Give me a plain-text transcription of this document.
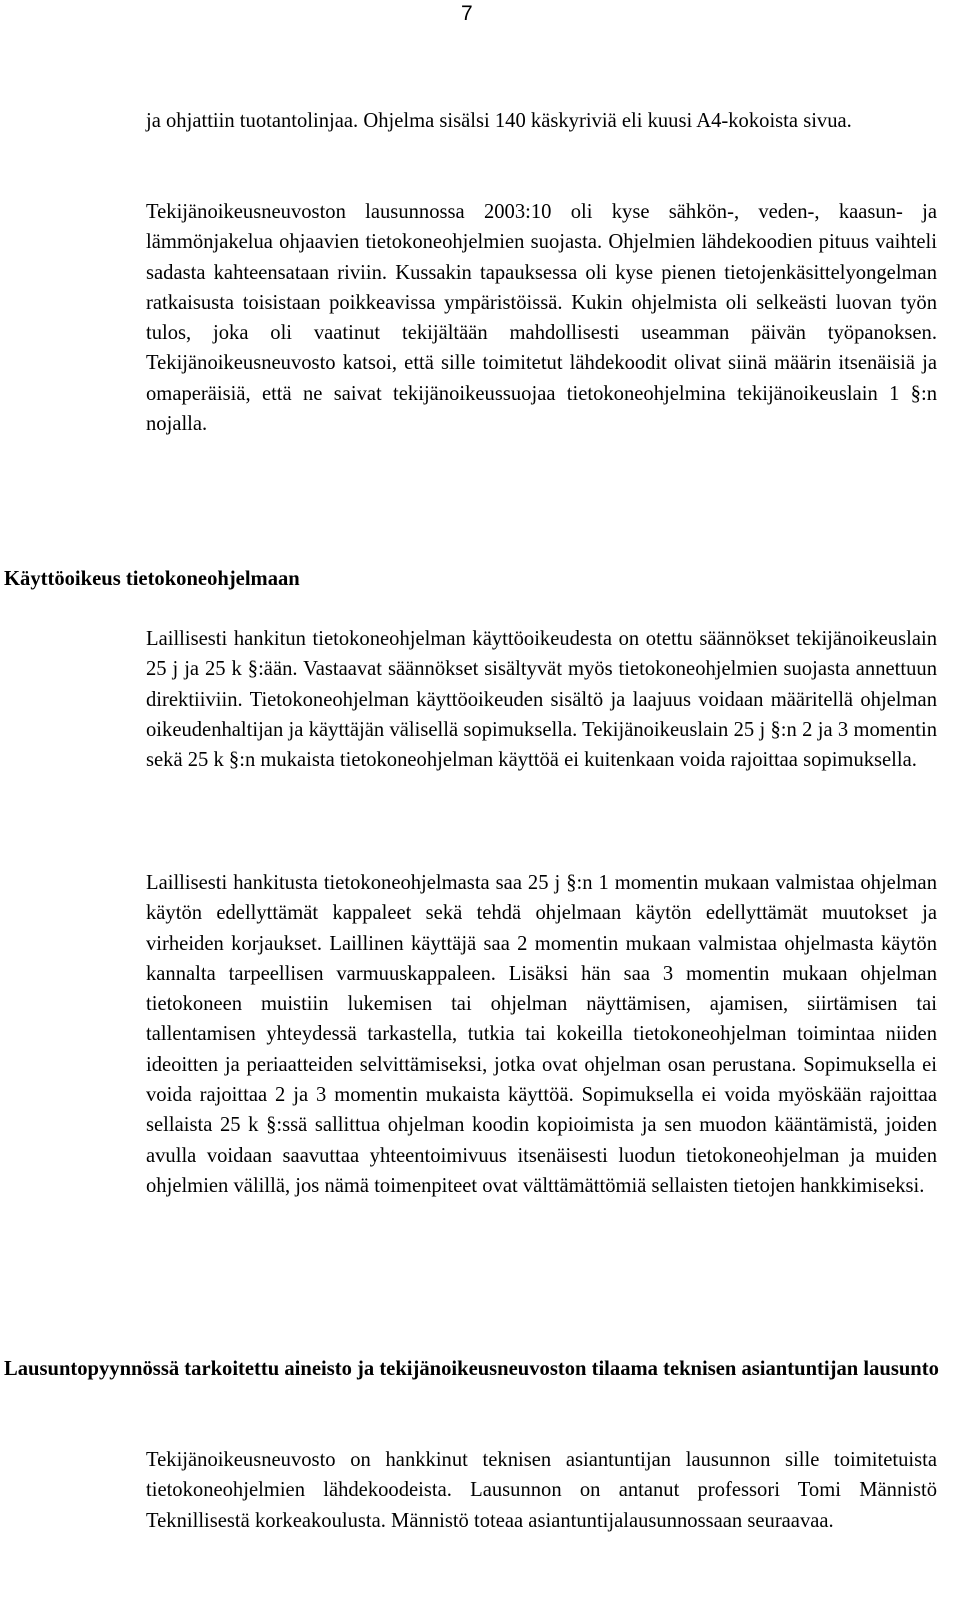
7

ja ohjattiin tuotantolinjaa. Ohjelma sisälsi 140 käskyriviä eli kuusi A4-kokoista sivua.

Tekijänoikeusneuvoston lausunnossa 2003:10 oli kyse sähkön-, veden-, kaasun- ja lämmönjakelua ohjaavien tietokoneohjelmien suojasta. Ohjelmien lähdekoodien pituus vaihteli sadasta kahteensataan riviin. Kussakin tapauksessa oli kyse pienen tietojenkäsittelyongelman ratkaisusta toisistaan poikkeavissa ympäristöissä. Kukin ohjelmista oli selkeästi luovan työn tulos, joka oli vaatinut tekijältään mahdollisesti useamman päivän työpanoksen. Tekijänoikeusneuvosto katsoi, että sille toimitetut lähdekoodit olivat siinä määrin itsenäisiä ja omaperäisiä, että ne saivat tekijänoikeussuojaa tietokoneohjelmina tekijänoikeuslain 1 §:n nojalla.

Käyttöoikeus tietokoneohjelmaan

Laillisesti hankitun tietokoneohjelman käyttöoikeudesta on otettu säännökset tekijänoikeuslain 25 j ja 25 k §:ään. Vastaavat säännökset sisältyvät myös tietokoneohjelmien suojasta annettuun direktiiviin. Tietokoneohjelman käyttöoikeuden sisältö ja laajuus voidaan määritellä ohjelman oikeudenhaltijan ja käyttäjän välisellä sopimuksella. Tekijänoikeuslain 25 j §:n 2 ja 3 momentin sekä 25 k §:n mukaista tietokoneohjelman käyttöä ei kuitenkaan voida rajoittaa sopimuksella.

Laillisesti hankitusta tietokoneohjelmasta saa 25 j §:n 1 momentin mukaan valmistaa ohjelman käytön edellyttämät kappaleet sekä tehdä ohjelmaan käytön edellyttämät muutokset ja virheiden korjaukset. Laillinen käyttäjä saa 2 momentin mukaan valmistaa ohjelmasta käytön kannalta tarpeellisen varmuuskappaleen. Lisäksi hän saa 3 momentin mukaan ohjelman tietokoneen muistiin lukemisen tai ohjelman näyttämisen, ajamisen, siirtämisen tai tallentamisen yhteydessä tarkastella, tutkia tai kokeilla tietokoneohjelman toimintaa niiden ideoitten ja periaatteiden selvittämiseksi, jotka ovat ohjelman osan perustana. Sopimuksella ei voida rajoittaa 2 ja 3 momentin mukaista käyttöä. Sopimuksella ei voida myöskään rajoittaa sellaista 25 k §:ssä sallittua ohjelman koodin kopioimista ja sen muodon kääntämistä, joiden avulla voidaan saavuttaa yhteentoimivuus itsenäisesti luodun tietokoneohjelman ja muiden ohjelmien välillä, jos nämä toimenpiteet ovat välttämättömiä sellaisten tietojen hankkimiseksi.

Lausuntopyynnössä tarkoitettu aineisto ja tekijänoikeusneuvoston tilaama teknisen asiantuntijan lausunto

Tekijänoikeusneuvosto on hankkinut teknisen asiantuntijan lausunnon sille toimitetuista tietokoneohjelmien lähdekoodeista. Lausunnon on antanut professori Tomi Männistö Teknillisestä korkeakoulusta. Männistö toteaa asiantuntijalausunnossaan seuraavaa.
